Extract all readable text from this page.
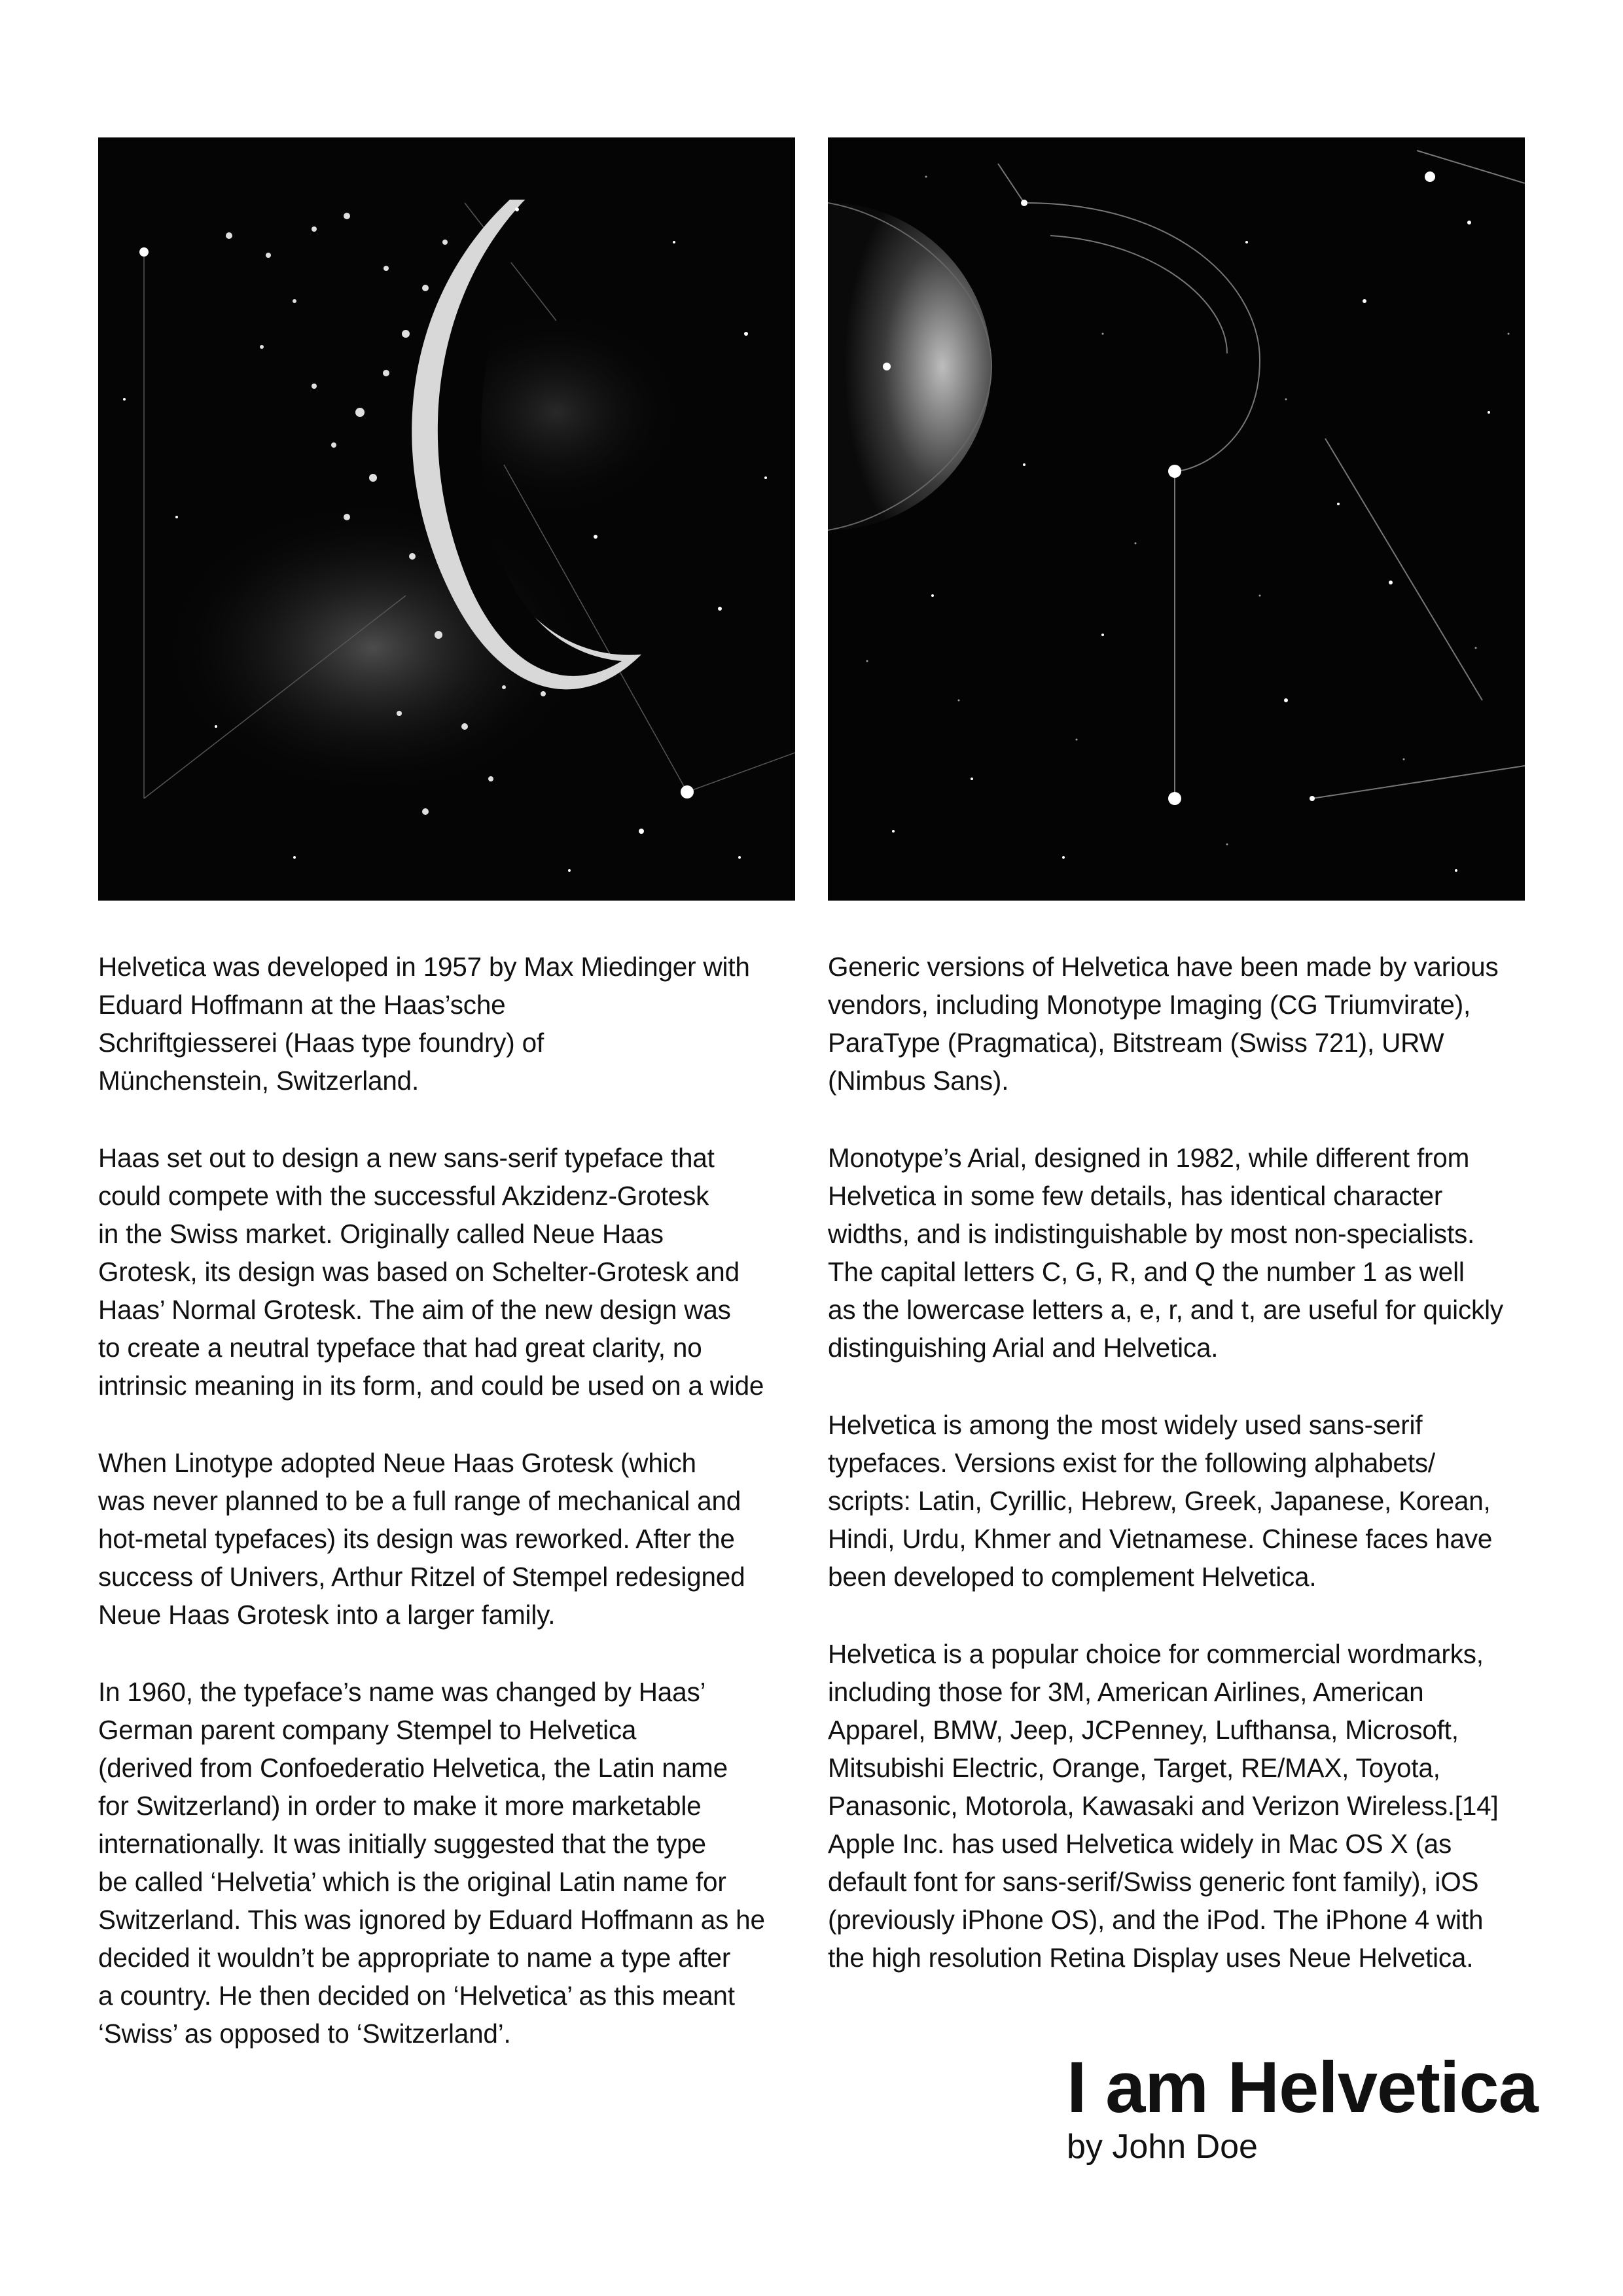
Helvetica was developed in 1957 by Max Miedinger with
Eduard Hoffmann at the Haas’sche
Schriftgiesserei (Haas type foundry) of
Münchenstein, Switzerland.

Haas set out to design a new sans-serif typeface that
could compete with the successful Akzidenz-Grotesk
in the Swiss market. Originally called Neue Haas
Grotesk, its design was based on Schelter-Grotesk and
Haas’ Normal Grotesk. The aim of the new design was
to create a neutral typeface that had great clarity, no
intrinsic meaning in its form, and could be used on a wide

When Linotype adopted Neue Haas Grotesk (which
was never planned to be a full range of mechanical and
hot-metal typefaces) its design was reworked. After the
success of Univers, Arthur Ritzel of Stempel redesigned
Neue Haas Grotesk into a larger family.

In 1960, the typeface’s name was changed by Haas’
German parent company Stempel to Helvetica
(derived from Confoederatio Helvetica, the Latin name
for Switzerland) in order to make it more marketable
internationally. It was initially suggested that the type
be called ‘Helvetia’ which is the original Latin name for
Switzerland. This was ignored by Eduard Hoffmann as he
decided it wouldn’t be appropriate to name a type after
a country. He then decided on ‘Helvetica’ as this meant
‘Swiss’ as opposed to ‘Switzerland’.

Generic versions of Helvetica have been made by various
vendors, including Monotype Imaging (CG Triumvirate),
ParaType (Pragmatica), Bitstream (Swiss 721), URW
(Nimbus Sans).

Monotype’s Arial, designed in 1982, while different from
Helvetica in some few details, has identical character
widths, and is indistinguishable by most non-specialists.
The capital letters C, G, R, and Q the number 1 as well
as the lowercase letters a, e, r, and t, are useful for quickly
distinguishing Arial and Helvetica.

Helvetica is among the most widely used sans-serif
typefaces. Versions exist for the following alphabets/
scripts: Latin, Cyrillic, Hebrew, Greek, Japanese, Korean,
Hindi, Urdu, Khmer and Vietnamese. Chinese faces have
been developed to complement Helvetica.

Helvetica is a popular choice for commercial wordmarks,
including those for 3M, American Airlines, American
Apparel, BMW, Jeep, JCPenney, Lufthansa, Microsoft,
Mitsubishi Electric, Orange, Target, RE/MAX, Toyota,
Panasonic, Motorola, Kawasaki and Verizon Wireless.[14]
Apple Inc. has used Helvetica widely in Mac OS X (as
default font for sans-serif/Swiss generic font family), iOS
(previously iPhone OS), and the iPod. The iPhone 4 with
the high resolution Retina Display uses Neue Helvetica.

I am Helvetica

by John Doe
